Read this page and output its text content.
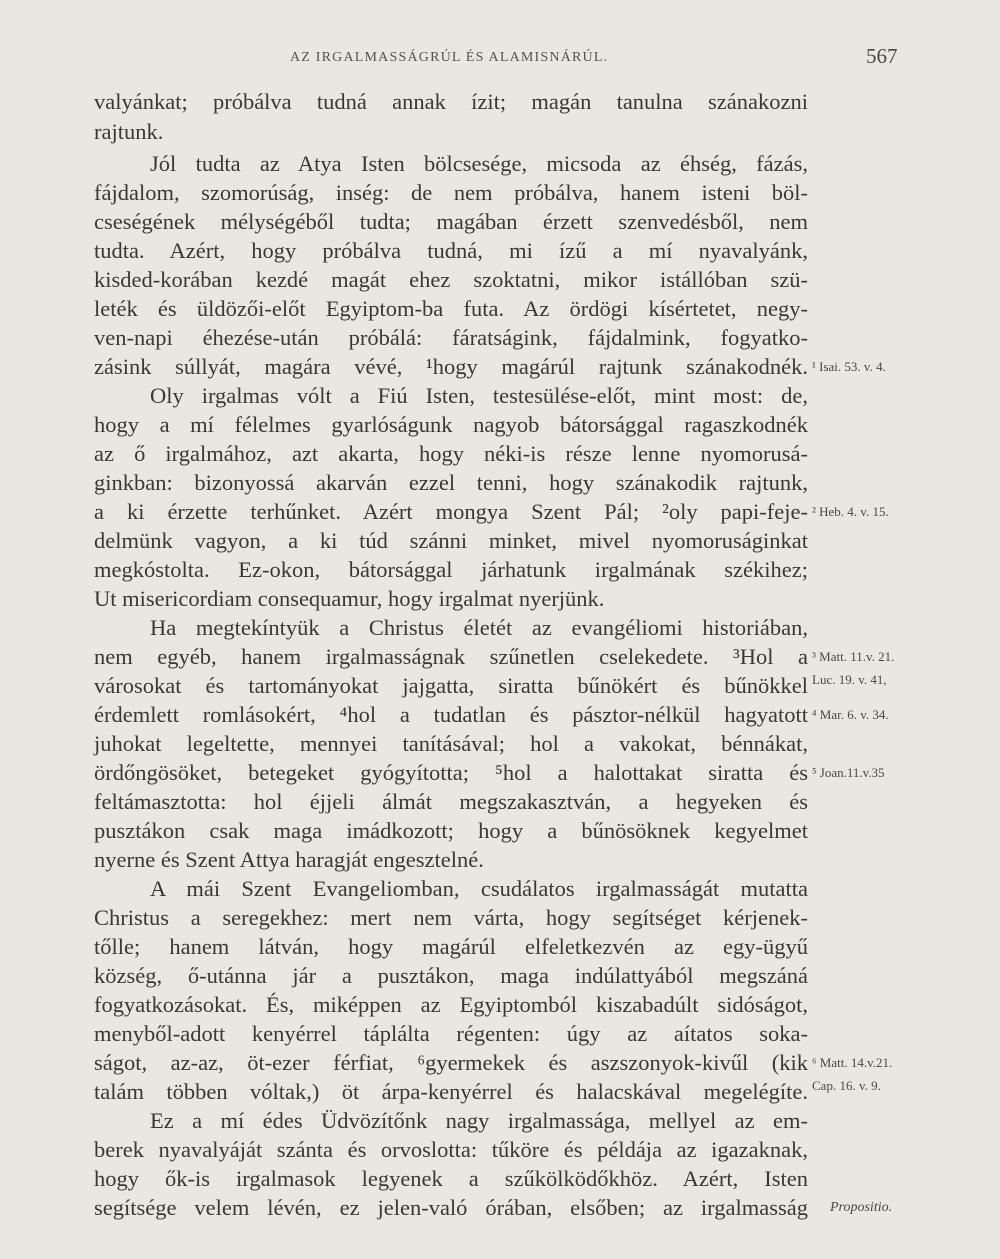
AZ IRGALMASSÁGRÚL ÉS ALAMISNÁRÚL.	567
valyánkat; próbálva tudná annak ízit; magán tanulna szánakozni
rajtunk.
Jól tudta az Atya Isten bölcsesége, micsoda az éhség, fázás,
fájdalom, szomorúság, inség: de nem próbálva, hanem isteni böl-
cseségének mélységéből tudta; magában érzett szenvedésből, nem
tudta. Azért, hogy próbálva tudná, mi ízű a mí nyavalyánk,
kisded-korában kezdé magát ehez szoktatni, mikor istállóban szü-
leték és üldözői-előt Egyiptom-ba futa. Az ördögi kísértetet, negy-
ven-napi éhezése-után próbálá: fáratságink, fájdalmink, fogyatko-
zásink súllyát, magára vévé, ¹hogy magárúl rajtunk szánakodnék.
Oly irgalmas vólt a Fiú Isten, testesülése-előt, mint most: de,
hogy a mí félelmes gyarlóságunk nagyob bátorsággal ragaszkodnék
az ő irgalmához, azt akarta, hogy néki-is része lenne nyomorusá-
ginkban: bizonyossá akarván ezzel tenni, hogy szánakodik rajtunk,
a ki érzette terhűnket. Azért mongya Szent Pál; ²oly papi-feje-
delmünk vagyon, a ki túd szánni minket, mivel nyomoruságinkat
megkóstolta. Ez-okon, bátorsággal járhatunk irgalmának székihez;
Ut misericordiam consequamur, hogy irgalmat nyerjünk.
Ha megtekíntyük a Christus életét az evangéliomi historiában,
nem egyéb, hanem irgalmasságnak szűnetlen cselekedete. ³Hol a
városokat és tartományokat jajgatta, siratta bűnökért és bűnökkel
érdemlett romlásokért, ⁴hol a tudatlan és pásztor-nélkül hagyatott
juhokat legeltette, mennyei tanításával; hol a vakokat, bénnákat,
ördőngösöket, betegeket gyógyította; ⁵hol a halottakat siratta és
feltámasztotta: hol éjjeli álmát megszakasztván, a hegyeken és
pusztákon csak maga imádkozott; hogy a bűnösöknek kegyelmet
nyerne és Szent Attya haragját engesztelné.
A mái Szent Evangeliomban, csudálatos irgalmasságát mutatta
Christus a seregekhez: mert nem várta, hogy segítséget kérjenek-
tőlle; hanem látván, hogy magárúl elfeletkezvén az egy-ügyű
község, ő-utánna jár a pusztákon, maga indúlattyából megszáná
fogyatkozásokat. És, miképpen az Egyiptomból kiszabadúlt sidóságot,
menyből-adott kenyérrel táplálta régenten: úgy az aítatos soka-
ságot, az-az, öt-ezer férfiat, ⁶gyermekek és aszszonyok-kivűl (kik
talám többen vóltak,) öt árpa-kenyérrel és halacskával megelégíte.
Ez a mí édes Üdvözítőnk nagy irgalmassága, mellyel az em-
berek nyavalyáját szánta és orvoslotta: tűköre és példája az igazaknak,
hogy ők-is irgalmasok legyenek a szűkölködőkhöz. Azért, Isten
segítsége velem lévén, ez jelen-való órában, elsőben; az irgalmasság
¹ Isai. 53. v. 4.
² Heb. 4. v. 15.
³ Matt. 11.v. 21.
Luc. 19. v. 41,
⁴ Mar. 6. v. 34.
⁵ Joan.11.v.35
⁶ Matt. 14.v.21.
Cap. 16. v. 9.
Propositio.
